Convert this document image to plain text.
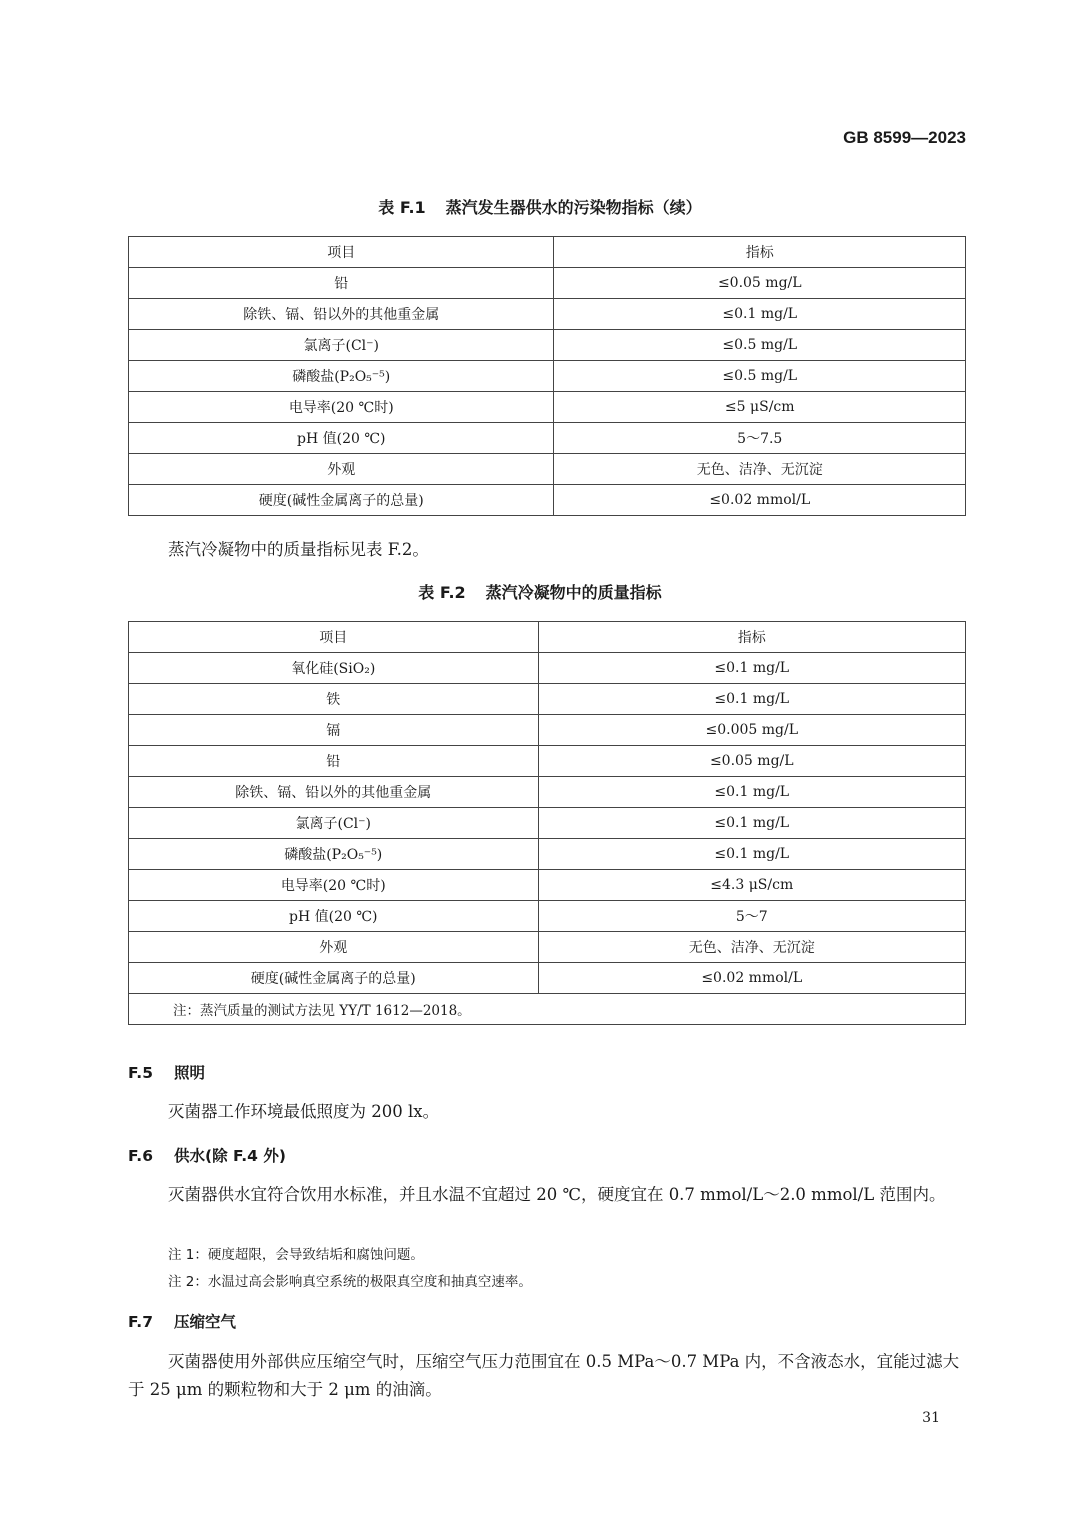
GB 8599—2023
表 F.1 蒸汽发生器供水的污染物指标（续）
项目	指标
铅	≤0.05 mg/L
除铁、镉、铅以外的其他重金属	≤0.1 mg/L
氯离子(Cl⁻)	≤0.5 mg/L
磷酸盐(P₂O₅⁻⁵)	≤0.5 mg/L
电导率(20 ℃时)	≤5 μS/cm
pH 值(20 ℃)	5～7.5
外观	无色、洁净、无沉淀
硬度(碱性金属离子的总量)	≤0.02 mmol/L
蒸汽冷凝物中的质量指标见表 F.2。
表 F.2 蒸汽冷凝物中的质量指标
项目	指标
氧化硅(SiO₂)	≤0.1 mg/L
铁	≤0.1 mg/L
镉	≤0.005 mg/L
铅	≤0.05 mg/L
除铁、镉、铅以外的其他重金属	≤0.1 mg/L
氯离子(Cl⁻)	≤0.1 mg/L
磷酸盐(P₂O₅⁻⁵)	≤0.1 mg/L
电导率(20 ℃时)	≤4.3 μS/cm
pH 值(20 ℃)	5～7
外观	无色、洁净、无沉淀
硬度(碱性金属离子的总量)	≤0.02 mmol/L
注：蒸汽质量的测试方法见 YY/T 1612—2018。	
F.5 照明
灭菌器工作环境最低照度为 200 lx。
F.6 供水(除 F.4 外)
灭菌器供水宜符合饮用水标准，并且水温不宜超过 20 ℃，硬度宜在 0.7 mmol/L～2.0 mmol/L 范围内。
注 1：硬度超限，会导致结垢和腐蚀问题。
注 2：水温过高会影响真空系统的极限真空度和抽真空速率。
F.7 压缩空气
灭菌器使用外部供应压缩空气时，压缩空气压力范围宜在 0.5 MPa～0.7 MPa 内，不含液态水，宜能过滤大于 25 μm 的颗粒物和大于 2 μm 的油滴。
31
